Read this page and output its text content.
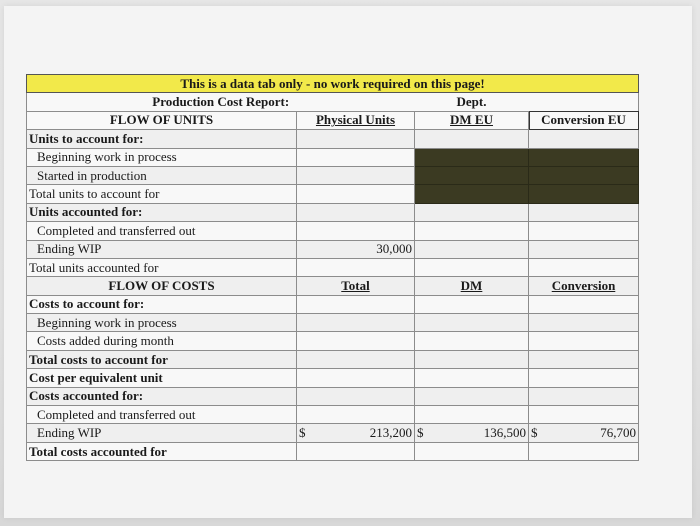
This is a data tab only - no work required on this page!			
Production Cost Report:		Dept.	
FLOW OF UNITS	Physical Units	DM EU	Conversion EU
Units to account for:			
Beginning work in process			
Started in production			
Total units to account for			
Units accounted for:			
Completed and transferred out			
Ending WIP	30,000		
Total units accounted for			
FLOW OF COSTS	Total	DM	Conversion
Costs to account for:			
Beginning work in process			
Costs added during month			
Total costs to account for			
Cost per equivalent unit			
Costs accounted for:			
Completed and transferred out			
Ending WIP	$ 213,200	$ 136,500	$ 76,700

Total costs accounted for			
